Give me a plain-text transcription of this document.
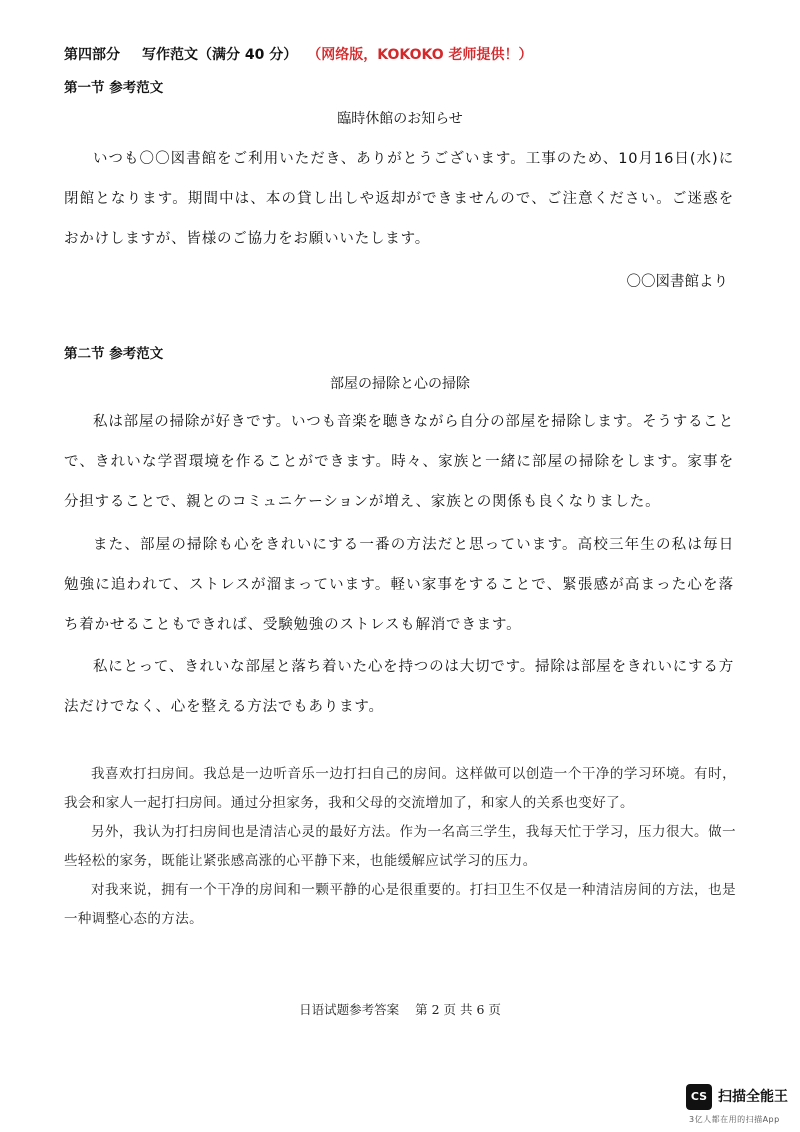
第四部分 写作范文（满分 40 分） （网络版，KOKOKO 老师提供！）
第一节 参考范文
臨時休館のお知らせ
いつも〇〇図書館をご利用いただき、ありがとうございます。工事のため、10月16日(水)に閉館となります。期間中は、本の貸し出しや返却ができませんので、ご注意ください。ご迷惑をおかけしますが、皆様のご協力をお願いいたします。
〇〇図書館より
第二节 参考范文
部屋の掃除と心の掃除
私は部屋の掃除が好きです。いつも音楽を聴きながら自分の部屋を掃除します。そうすることで、きれいな学習環境を作ることができます。時々、家族と一緒に部屋の掃除をします。家事を分担することで、親とのコミュニケーションが増え、家族との関係も良くなりました。
また、部屋の掃除も心をきれいにする一番の方法だと思っています。高校三年生の私は毎日勉強に追われて、ストレスが溜まっています。軽い家事をすることで、緊張感が高まった心を落ち着かせることもできれば、受験勉強のストレスも解消できます。
私にとって、きれいな部屋と落ち着いた心を持つのは大切です。掃除は部屋をきれいにする方法だけでなく、心を整える方法でもあります。
我喜欢打扫房间。我总是一边听音乐一边打扫自己的房间。这样做可以创造一个干净的学习环境。有时，我会和家人一起打扫房间。通过分担家务，我和父母的交流增加了，和家人的关系也变好了。
另外，我认为打扫房间也是清洁心灵的最好方法。作为一名高三学生，我每天忙于学习，压力很大。做一些轻松的家务，既能让紧张感高涨的心平静下来，也能缓解应试学习的压力。
对我来说，拥有一个干净的房间和一颗平静的心是很重要的。打扫卫生不仅是一种清洁房间的方法，也是一种调整心态的方法。
日语试题参考答案 第 2 页 共 6 页
CS 扫描全能王
3亿人都在用的扫描App
